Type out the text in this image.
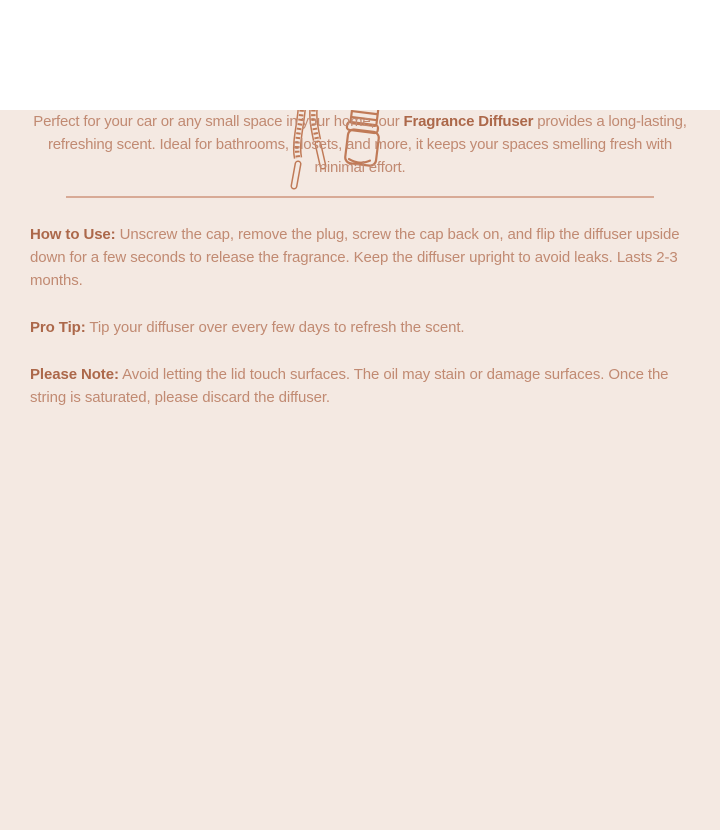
Perfect for your car or any small space in your home, our Fragrance Diffuser provides a long-lasting, refreshing scent. Ideal for bathrooms, closets, and more, it keeps your spaces smelling fresh with minimal effort.

How to Use: Unscrew the cap, remove the plug, screw the cap back on, and flip the diffuser upside down for a few seconds to release the fragrance. Keep the diffuser upright to avoid leaks. Lasts 2-3 months.

Pro Tip: Tip your diffuser over every few days to refresh the scent.

Please Note: Avoid letting the lid touch surfaces. The oil may stain or damage surfaces. Once the string is saturated, please discard the diffuser.
